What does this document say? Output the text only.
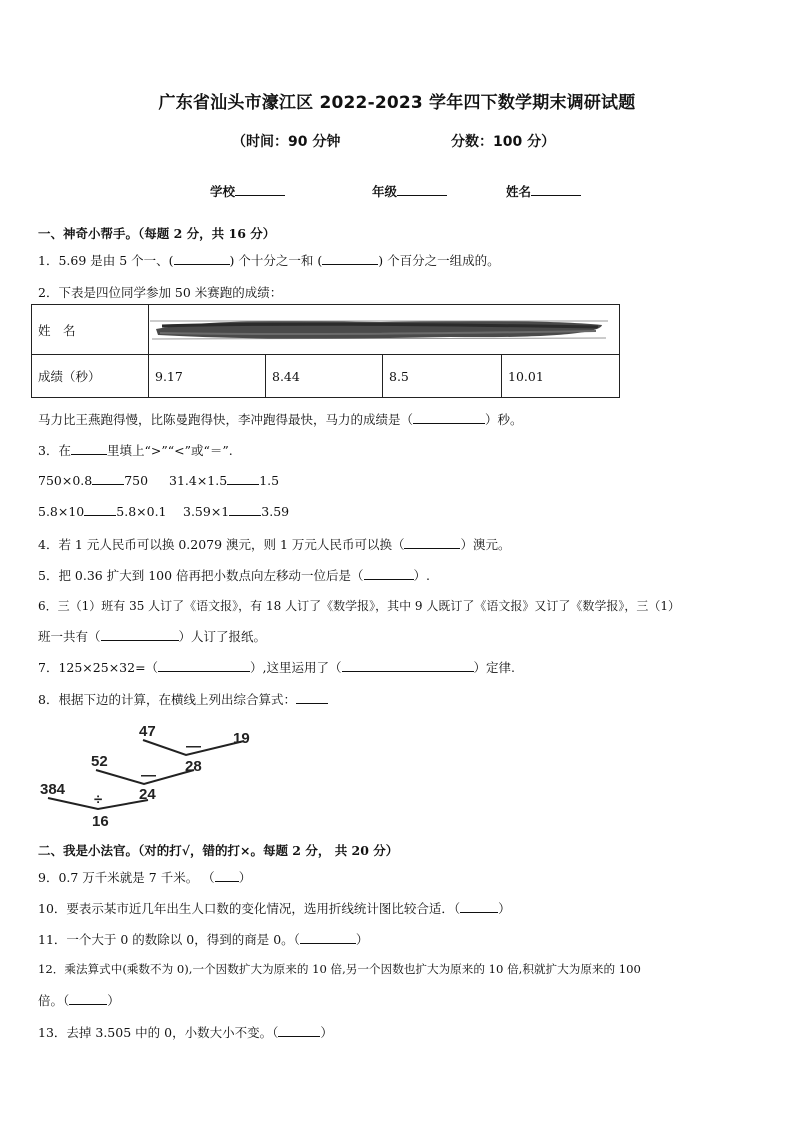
广东省汕头市濠江区 2022-2023 学年四下数学期末调研试题
（时间：90 分钟	分数：100 分）
学校	年级	姓名
一、神奇小帮手。（每题 2 分，共 16 分）
1．5.69 是由 5 个一、(	) 个十分之一和 (	) 个百分之一组成的。
2．下表是四位同学参加 50 米赛跑的成绩：
姓　名				
成绩（秒）	9.17	8.44	8.5	10.01
马力比王燕跑得慢，比陈曼跑得快，李冲跑得最快，马力的成绩是（	）秒。
3．在	里填上“>”“<”或“＝”.
750×0.8	750 31.4×1.5	1.5
5.8×10	5.8×0.1 3.59×1	3.59
4．若 1 元人民币可以换 0.2079 澳元，则 1 万元人民币可以换（	）澳元。
5．把 0.36 扩大到 100 倍再把小数点向左移动一位后是（	）.
6．三（1）班有 35 人订了《语文报》，有 18 人订了《数学报》，其中 9 人既订了《语文报》又订了《数学报》，三（1）
班一共有（	）人订了报纸。
7．125×25×32=（	）,这里运用了（	）定律.
8．根据下边的计算，在横线上列出综合算式：
47	19
—
28
52
—
24
384
÷
16
二、我是小法官。（对的打√，错的打×。每题 2 分， 共 20 分）
9．0.7 万千米就是 7 千米。 （ ）
10．要表示某市近几年出生人口数的变化情况，选用折线统计图比较合适．（	）
11．一个大于 0 的数除以 0，得到的商是 0。（	）
12．乘法算式中(乘数不为 0),一个因数扩大为原来的 10 倍,另一个因数也扩大为原来的 10 倍,积就扩大为原来的 100
倍。（	）
13．去掉 3.505 中的 0，小数大小不变。（	）
